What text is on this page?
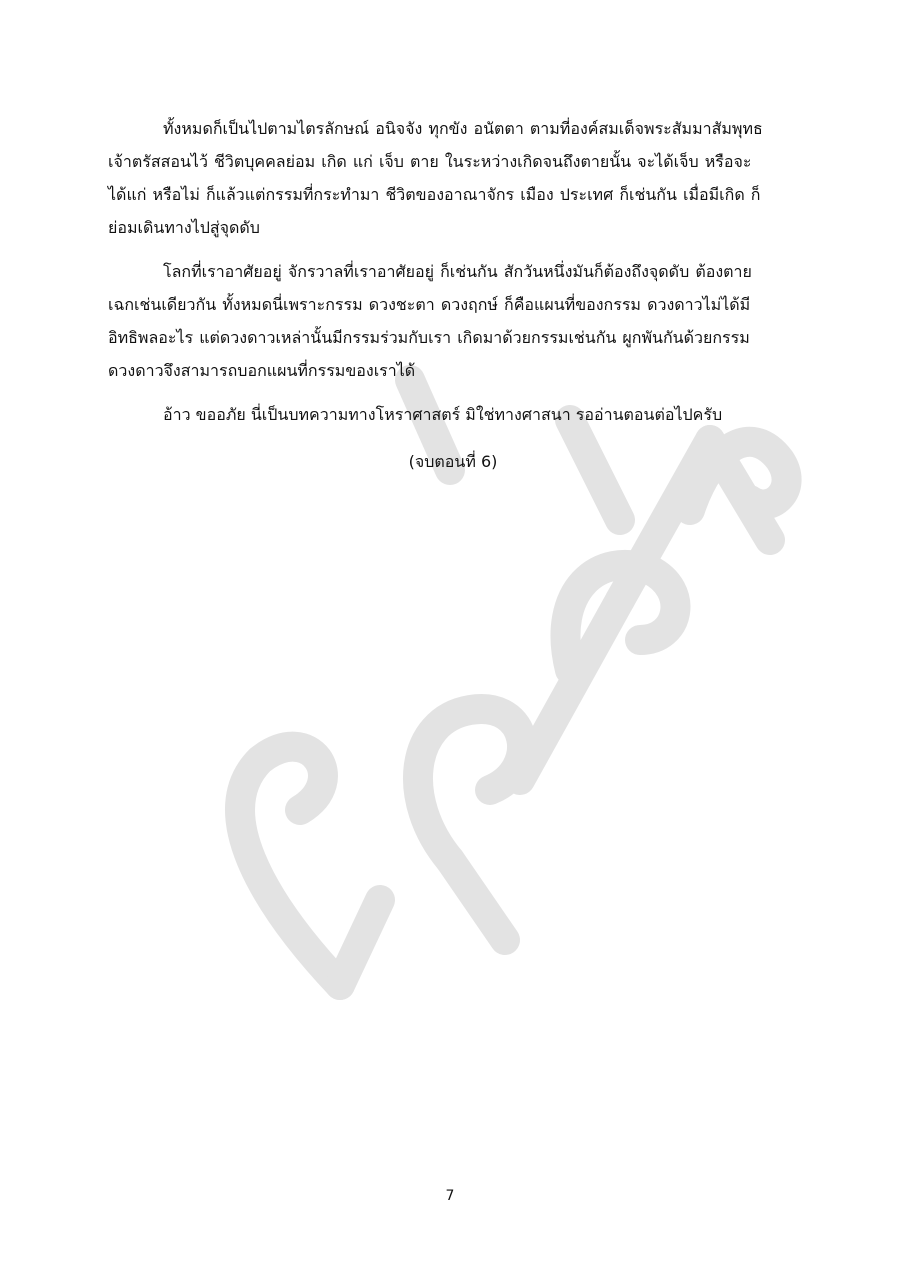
ทั้งหมดก็เป็นไปตามไตรลักษณ์ อนิจจัง ทุกขัง อนัตตา ตามที่องค์สมเด็จพระสัมมาสัมพุทธ
เจ้าตรัสสอนไว้ ชีวิตบุคคลย่อม เกิด แก่ เจ็บ ตาย ในระหว่างเกิดจนถึงตายนั้น จะได้เจ็บ หรือจะ
ได้แก่ หรือไม่ ก็แล้วแต่กรรมที่กระทำมา ชีวิตของอาณาจักร เมือง ประเทศ ก็เช่นกัน เมื่อมีเกิด ก็
ย่อมเดินทางไปสู่จุดดับ
โลกที่เราอาศัยอยู่ จักรวาลที่เราอาศัยอยู่ ก็เช่นกัน สักวันหนึ่งมันก็ต้องถึงจุดดับ ต้องตาย
เฉกเช่นเดียวกัน ทั้งหมดนี่เพราะกรรม ดวงชะตา ดวงฤกษ์ ก็คือแผนที่ของกรรม ดวงดาวไม่ได้มี
อิทธิพลอะไร แต่ดวงดาวเหล่านั้นมีกรรมร่วมกับเรา เกิดมาด้วยกรรมเช่นกัน ผูกพันกันด้วยกรรม
ดวงดาวจึงสามารถบอกแผนที่กรรมของเราได้

อ้าว ขออภัย นี่เป็นบทความทางโหราศาสตร์ มิใช่ทางศาสนา รออ่านตอนต่อไปครับ

(จบตอนที่ 6)

7
